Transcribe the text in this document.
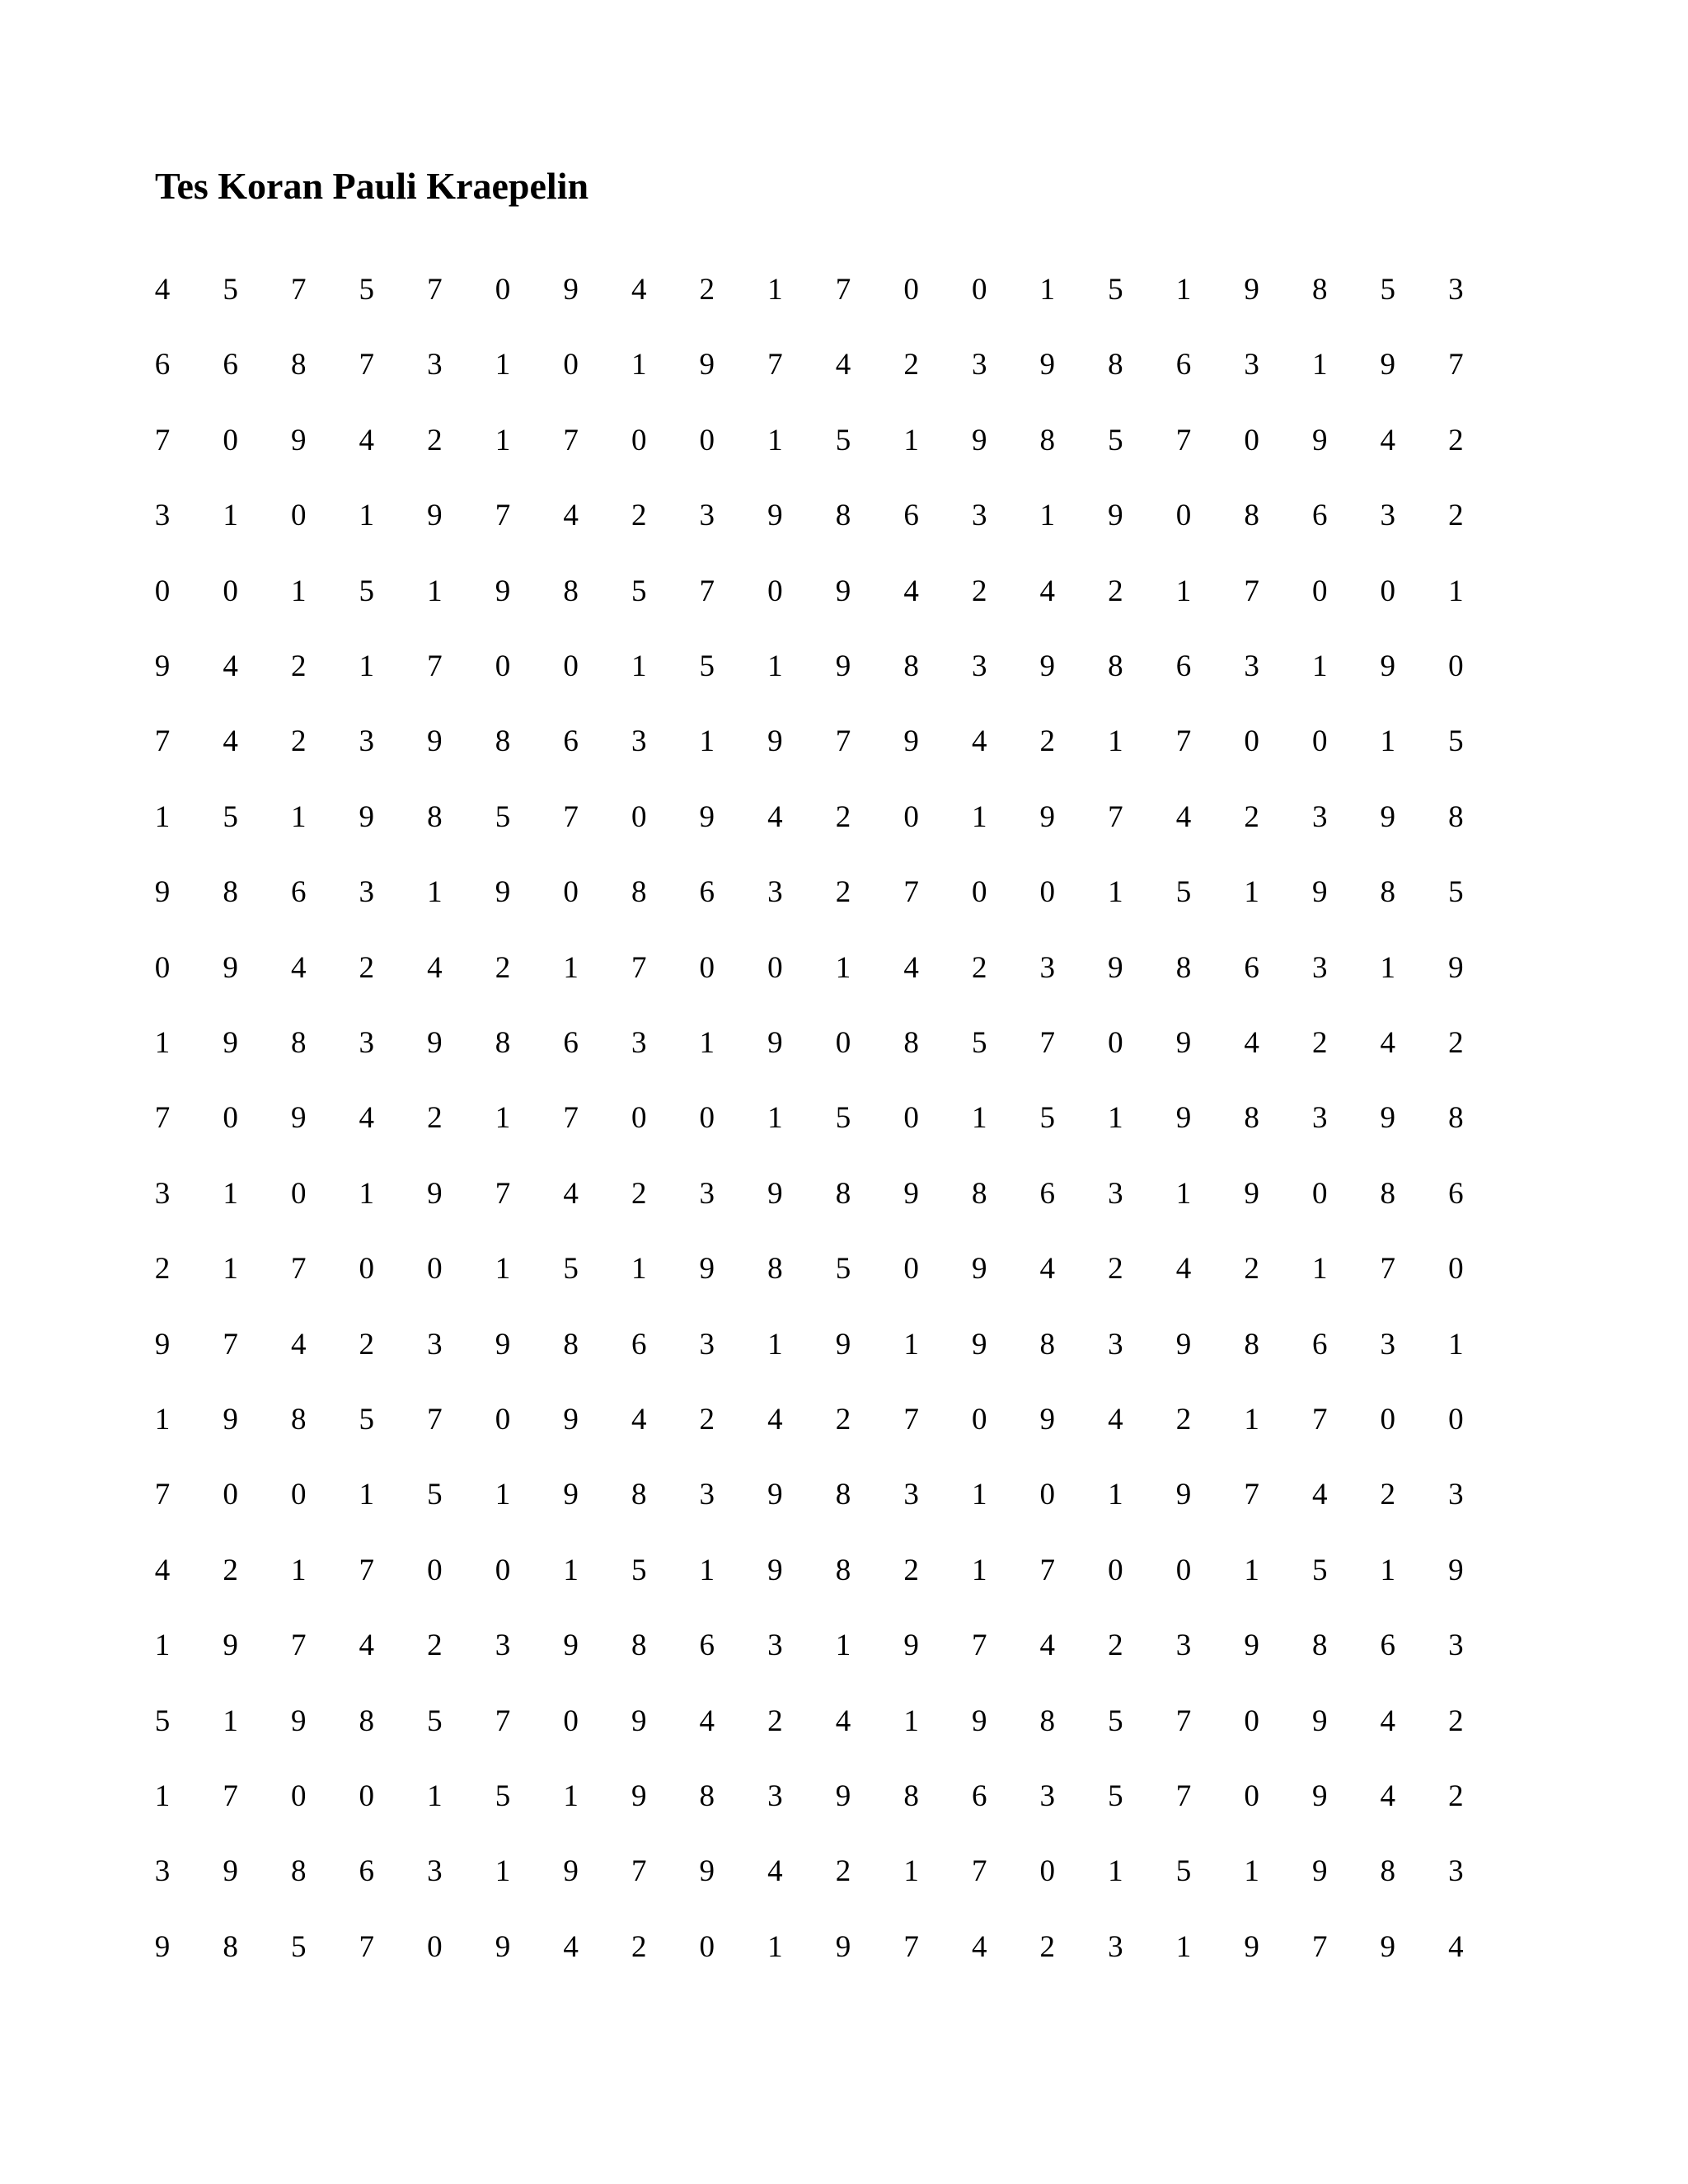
Tes Koran Pauli Kraepelin
4	5	7	5	7	0	9	4	2	1	7	0	0	1	5	1	9	8	5	3
6	6	8	7	3	1	0	1	9	7	4	2	3	9	8	6	3	1	9	7
7	0	9	4	2	1	7	0	0	1	5	1	9	8	5	7	0	9	4	2
3	1	0	1	9	7	4	2	3	9	8	6	3	1	9	0	8	6	3	2
0	0	1	5	1	9	8	5	7	0	9	4	2	4	2	1	7	0	0	1
9	4	2	1	7	0	0	1	5	1	9	8	3	9	8	6	3	1	9	0
7	4	2	3	9	8	6	3	1	9	7	9	4	2	1	7	0	0	1	5
1	5	1	9	8	5	7	0	9	4	2	0	1	9	7	4	2	3	9	8
9	8	6	3	1	9	0	8	6	3	2	7	0	0	1	5	1	9	8	5
0	9	4	2	4	2	1	7	0	0	1	4	2	3	9	8	6	3	1	9
1	9	8	3	9	8	6	3	1	9	0	8	5	7	0	9	4	2	4	2
7	0	9	4	2	1	7	0	0	1	5	0	1	5	1	9	8	3	9	8
3	1	0	1	9	7	4	2	3	9	8	9	8	6	3	1	9	0	8	6
2	1	7	0	0	1	5	1	9	8	5	0	9	4	2	4	2	1	7	0
9	7	4	2	3	9	8	6	3	1	9	1	9	8	3	9	8	6	3	1
1	9	8	5	7	0	9	4	2	4	2	7	0	9	4	2	1	7	0	0
7	0	0	1	5	1	9	8	3	9	8	3	1	0	1	9	7	4	2	3
4	2	1	7	0	0	1	5	1	9	8	2	1	7	0	0	1	5	1	9
1	9	7	4	2	3	9	8	6	3	1	9	7	4	2	3	9	8	6	3
5	1	9	8	5	7	0	9	4	2	4	1	9	8	5	7	0	9	4	2
1	7	0	0	1	5	1	9	8	3	9	8	6	3	5	7	0	9	4	2
3	9	8	6	3	1	9	7	9	4	2	1	7	0	1	5	1	9	8	3
9	8	5	7	0	9	4	2	0	1	9	7	4	2	3	1	9	7	9	4
